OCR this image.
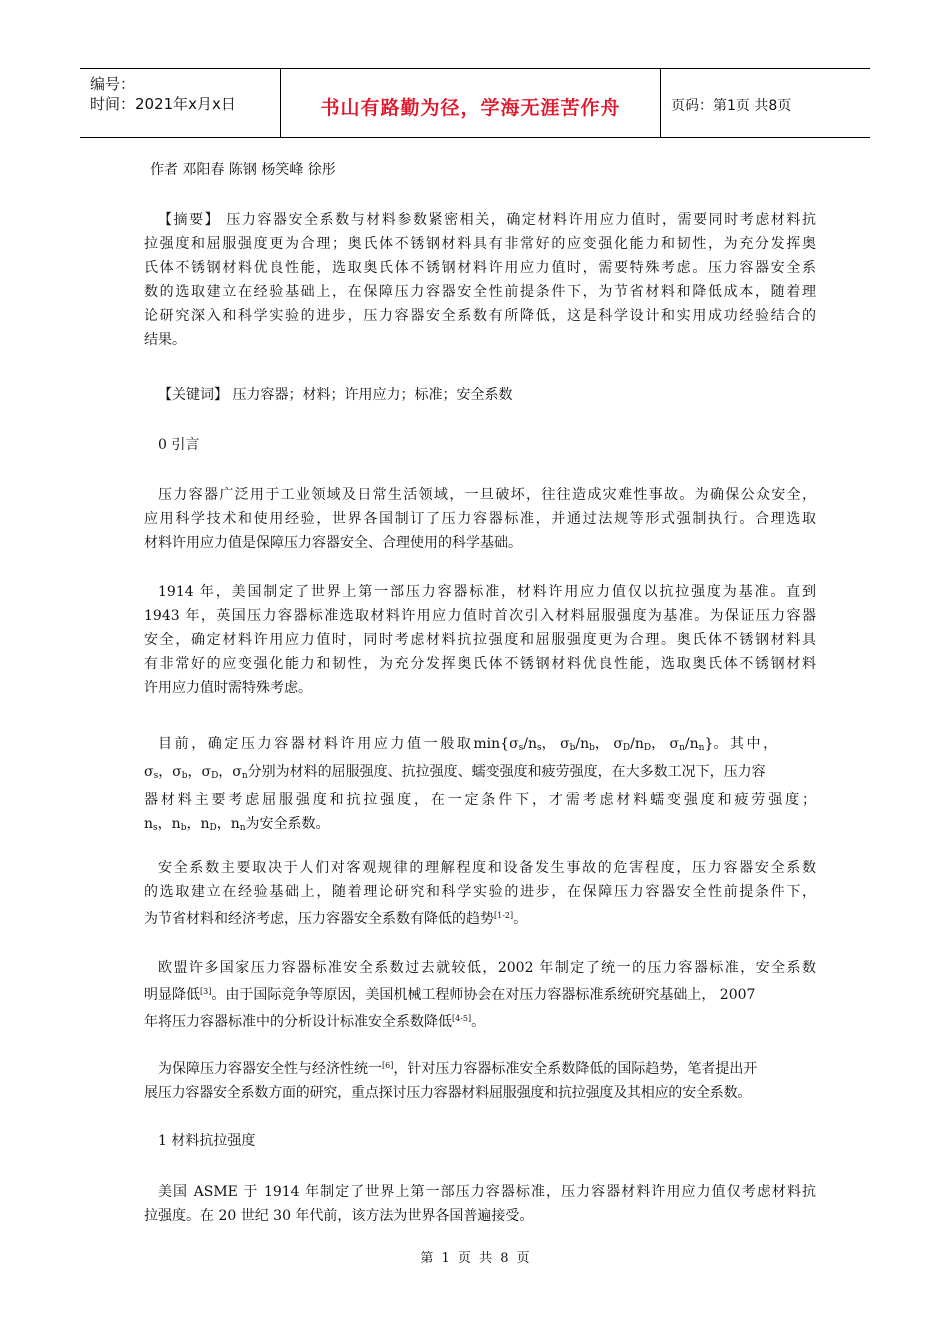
编号：
时间：2021年x月x日	书山有路勤为径，学海无涯苦作舟	页码：第1页 共8页
作者 邓阳春 陈钢 杨笑峰 徐彤
【摘要】 压力容器安全系数与材料参数紧密相关，确定材料许用应力值时，需要同时考虑材料抗
拉强度和屈服强度更为合理；奥氏体不锈钢材料具有非常好的应变强化能力和韧性，为充分发挥奥
氏体不锈钢材料优良性能，选取奥氏体不锈钢材料许用应力值时，需要特殊考虑。压力容器安全系
数的选取建立在经验基础上，在保障压力容器安全性前提条件下，为节省材料和降低成本，随着理
论研究深入和科学实验的进步，压力容器安全系数有所降低，这是科学设计和实用成功经验结合的
结果。
【关键词】 压力容器；材料；许用应力；标准；安全系数
0 引言
压力容器广泛用于工业领域及日常生活领域，一旦破坏，往往造成灾难性事故。为确保公众安全，
应用科学技术和使用经验，世界各国制订了压力容器标准，并通过法规等形式强制执行。合理选取
材料许用应力值是保障压力容器安全、合理使用的科学基础。
1914 年，美国制定了世界上第一部压力容器标准，材料许用应力值仅以抗拉强度为基准。直到
1943 年，英国压力容器标准选取材料许用应力值时首次引入材料屈服强度为基准。为保证压力容器
安全，确定材料许用应力值时，同时考虑材料抗拉强度和屈服强度更为合理。奥氏体不锈钢材料具
有非常好的应变强化能力和韧性，为充分发挥奥氏体不锈钢材料优良性能，选取奥氏体不锈钢材料
许用应力值时需特殊考虑。
目前，确定压力容器材料许用应力值一般取$\min\{\sigma_s/n_s$， $\sigma_b/n_b$， $\sigma_D/n_D$， $\sigma_n/n_n$}。其中，
$\sigma_s$，$\sigma_b$，$\sigma_D$，$\sigma_n$分别为材料的屈服强度、抗拉强度、蠕变强度和疲劳强度，在大多数工况下，压力容
器材料主要考虑屈服强度和抗拉强度，在一定条件下，才需考虑材料蠕变强度和疲劳强度；
$n_s$，$n_b$，$n_D$，$n_n$为安全系数。
安全系数主要取决于人们对客观规律的理解程度和设备发生事故的危害程度，压力容器安全系数
的选取建立在经验基础上，随着理论研究和科学实验的进步，在保障压力容器安全性前提条件下，
为节省材料和经济考虑，压力容器安全系数有降低的趋势[1-2]。
欧盟许多国家压力容器标准安全系数过去就较低，2002 年制定了统一的压力容器标准，安全系数
明显降低[3]。由于国际竞争等原因，美国机械工程师协会在对压力容器标准系统研究基础上， 2007
年将压力容器标准中的分析设计标准安全系数降低[4-5]。
为保障压力容器安全性与经济性统一[6]，针对压力容器标准安全系数降低的国际趋势，笔者提出开
展压力容器安全系数方面的研究，重点探讨压力容器材料屈服强度和抗拉强度及其相应的安全系数。
1 材料抗拉强度
美国 ASME 于 1914 年制定了世界上第一部压力容器标准，压力容器材料许用应力值仅考虑材料抗
拉强度。在 20 世纪 30 年代前，该方法为世界各国普遍接受。
第 1 页 共 8 页
